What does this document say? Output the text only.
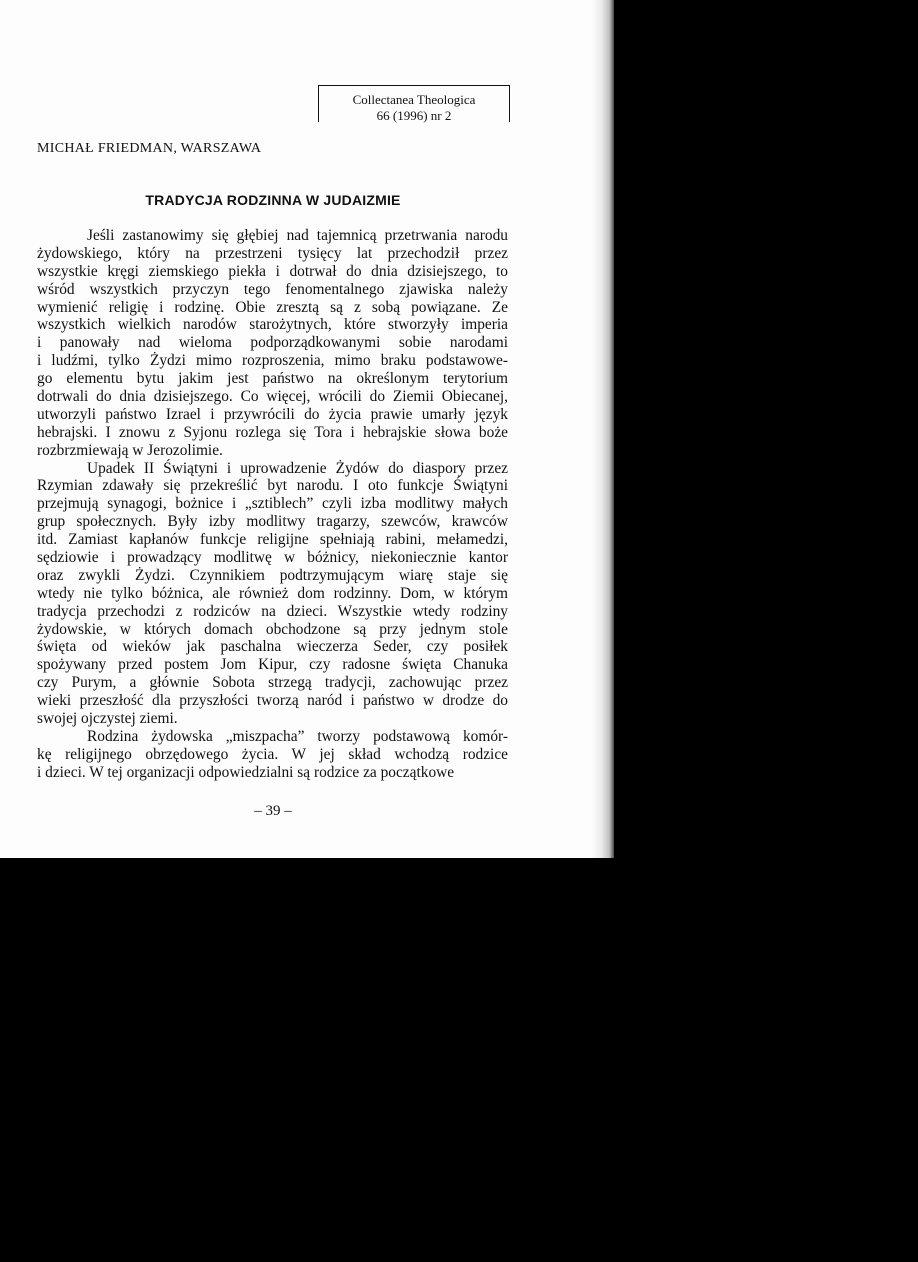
Collectanea Theologica
66 (1996) nr 2
MICHAŁ FRIEDMAN, WARSZAWA
TRADYCJA RODZINNA W JUDAIZMIE
Jeśli zastanowimy się głębiej nad tajemnicą przetrwania narodu
żydowskiego, który na przestrzeni tysięcy lat przechodził przez
wszystkie kręgi ziemskiego piekła i dotrwał do dnia dzisiejszego, to
wśród wszystkich przyczyn tego fenomentalnego zjawiska należy
wymienić religię i rodzinę. Obie zresztą są z sobą powiązane. Ze
wszystkich wielkich narodów starożytnych, które stworzyły imperia
i panowały nad wieloma podporządkowanymi sobie narodami
i ludźmi, tylko Żydzi mimo rozproszenia, mimo braku podstawowe-
go elementu bytu jakim jest państwo na określonym terytorium
dotrwali do dnia dzisiejszego. Co więcej, wrócili do Ziemii Obiecanej,
utworzyli państwo Izrael i przywrócili do życia prawie umarły język
hebrajski. I znowu z Syjonu rozlega się Tora i hebrajskie słowa boże
rozbrzmiewają w Jerozolimie.
Upadek II Świątyni i uprowadzenie Żydów do diaspory przez
Rzymian zdawały się przekreślić byt narodu. I oto funkcje Świątyni
przejmują synagogi, bożnice i „sztiblech” czyli izba modlitwy małych
grup społecznych. Były izby modlitwy tragarzy, szewców, krawców
itd. Zamiast kapłanów funkcje religijne spełniają rabini, mełamedzi,
sędziowie i prowadzący modlitwę w bóżnicy, niekoniecznie kantor
oraz zwykli Żydzi. Czynnikiem podtrzymującym wiarę staje się
wtedy nie tylko bóżnica, ale również dom rodzinny. Dom, w którym
tradycja przechodzi z rodziców na dzieci. Wszystkie wtedy rodziny
żydowskie, w których domach obchodzone są przy jednym stole
święta od wieków jak paschalna wieczerza Seder, czy posiłek
spożywany przed postem Jom Kipur, czy radosne święta Chanuka
czy Purym, a głównie Sobota strzegą tradycji, zachowując przez
wieki przeszłość dla przyszłości tworzą naród i państwo w drodze do
swojej ojczystej ziemi.
Rodzina żydowska „miszpacha” tworzy podstawową komór-
kę religijnego obrzędowego życia. W jej skład wchodzą rodzice
i dzieci. W tej organizacji odpowiedzialni są rodzice za początkowe
– 39 –
